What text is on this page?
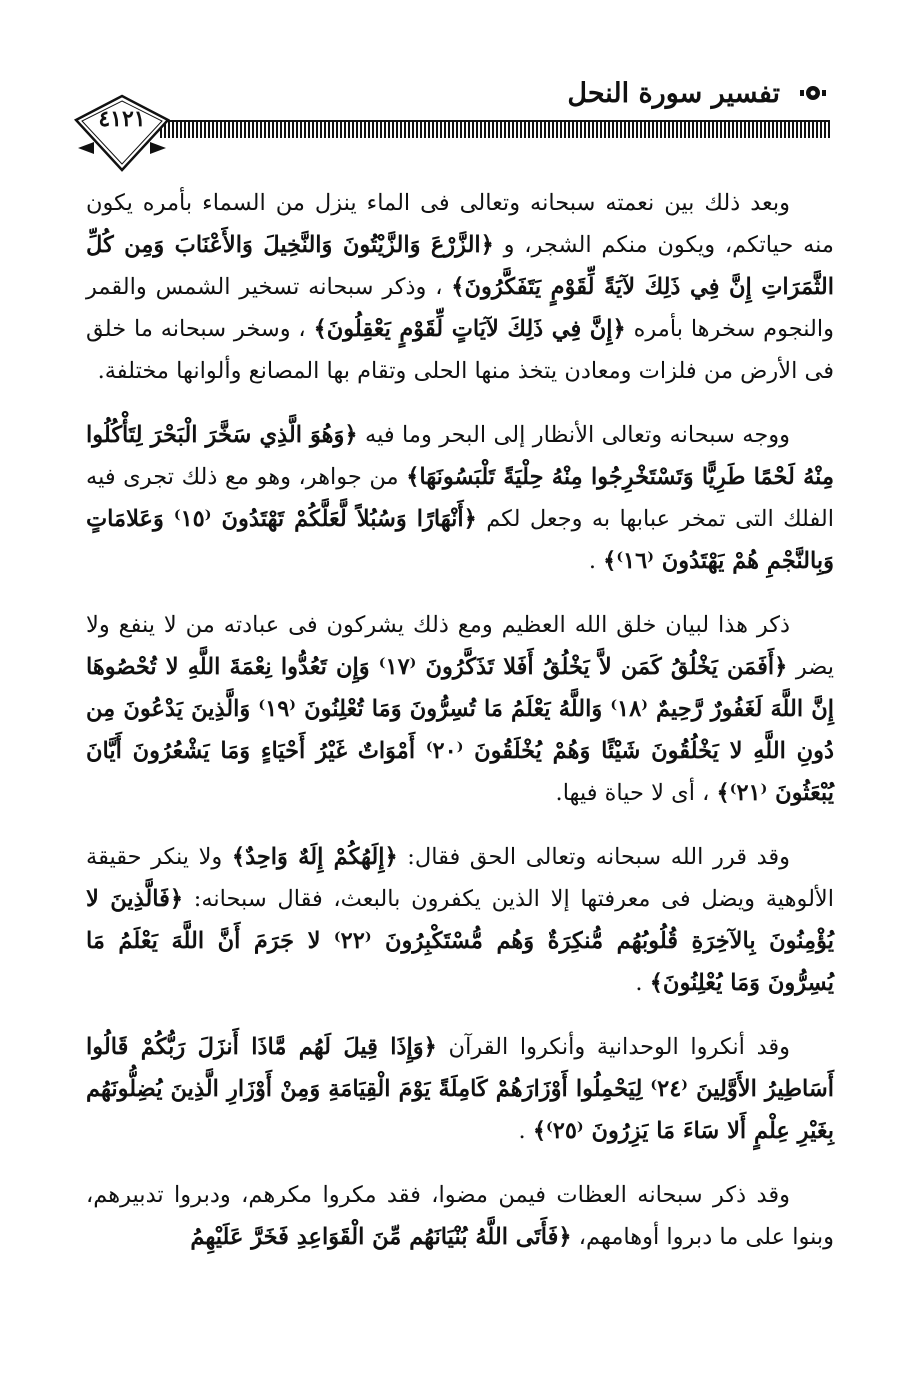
تفسير سورة النحل
٤١٢١

وبعد ذلك بين نعمته سبحانه وتعالى فى الماء ينزل من السماء بأمره يكون منه حياتكم، ويكون منكم الشجر، و ﴿الزَّرْعَ وَالزَّيْتُونَ وَالنَّخِيلَ وَالأَعْنَابَ وَمِن كُلِّ الثَّمَرَاتِ إِنَّ فِي ذَلِكَ لآيَةً لِّقَوْمٍ يَتَفَكَّرُونَ﴾ ، وذكر سبحانه تسخير الشمس والقمر والنجوم سخرها بأمره ﴿إِنَّ فِي ذَلِكَ لآيَاتٍ لِّقَوْمٍ يَعْقِلُونَ﴾ ، وسخر سبحانه ما خلق فى الأرض من فلزات ومعادن يتخذ منها الحلى وتقام بها المصانع وألوانها مختلفة.

ووجه سبحانه وتعالى الأنظار إلى البحر وما فيه ﴿وَهُوَ الَّذِي سَخَّرَ الْبَحْرَ لِتَأْكُلُوا مِنْهُ لَحْمًا طَرِيًّا وَتَسْتَخْرِجُوا مِنْهُ حِلْيَةً تَلْبَسُونَهَا﴾ من جواهر، وهو مع ذلك تجرى فيه الفلك التى تمخر عبابها به وجعل لكم ﴿أَنْهَارًا وَسُبُلاً لَّعَلَّكُمْ تَهْتَدُونَ ⁽١٥⁾ وَعَلامَاتٍ وَبِالنَّجْمِ هُمْ يَهْتَدُونَ ⁽١٦⁾﴾ .

ذكر هذا لبيان خلق الله العظيم ومع ذلك يشركون فى عبادته من لا ينفع ولا يضر ﴿أَفَمَن يَخْلُقُ كَمَن لاَّ يَخْلُقُ أَفَلا تَذَكَّرُونَ ⁽١٧⁾ وَإِن تَعُدُّوا نِعْمَةَ اللَّهِ لا تُحْصُوهَا إِنَّ اللَّهَ لَغَفُورٌ رَّحِيمٌ ⁽١٨⁾ وَاللَّهُ يَعْلَمُ مَا تُسِرُّونَ وَمَا تُعْلِنُونَ ⁽١٩⁾ وَالَّذِينَ يَدْعُونَ مِن دُونِ اللَّهِ لا يَخْلُقُونَ شَيْئًا وَهُمْ يُخْلَقُونَ ⁽٢٠⁾ أَمْوَاتٌ غَيْرُ أَحْيَاءٍ وَمَا يَشْعُرُونَ أَيَّانَ يُبْعَثُونَ ⁽٢١⁾﴾ ، أى لا حياة فيها.

وقد قرر الله سبحانه وتعالى الحق فقال: ﴿إِلَهُكُمْ إِلَهٌ وَاحِدٌ﴾ ولا ينكر حقيقة الألوهية ويضل فى معرفتها إلا الذين يكفرون بالبعث، فقال سبحانه: ﴿فَالَّذِينَ لا يُؤْمِنُونَ بِالآخِرَةِ قُلُوبُهُم مُّنكِرَةٌ وَهُم مُّسْتَكْبِرُونَ ⁽٢٢⁾ لا جَرَمَ أَنَّ اللَّهَ يَعْلَمُ مَا يُسِرُّونَ وَمَا يُعْلِنُونَ﴾ .

وقد أنكروا الوحدانية وأنكروا القرآن ﴿وَإِذَا قِيلَ لَهُم مَّاذَا أَنزَلَ رَبُّكُمْ قَالُوا أَسَاطِيرُ الأَوَّلِينَ ⁽٢٤⁾ لِيَحْمِلُوا أَوْزَارَهُمْ كَامِلَةً يَوْمَ الْقِيَامَةِ وَمِنْ أَوْزَارِ الَّذِينَ يُضِلُّونَهُم بِغَيْرِ عِلْمٍ أَلا سَاءَ مَا يَزِرُونَ ⁽٢٥⁾﴾ .

وقد ذكر سبحانه العظات فيمن مضوا، فقد مكروا مكرهم، ودبروا تدبيرهم، وبنوا على ما دبروا أوهامهم، ﴿فَأَتَى اللَّهُ بُنْيَانَهُم مِّنَ الْقَوَاعِدِ فَخَرَّ عَلَيْهِمُ
